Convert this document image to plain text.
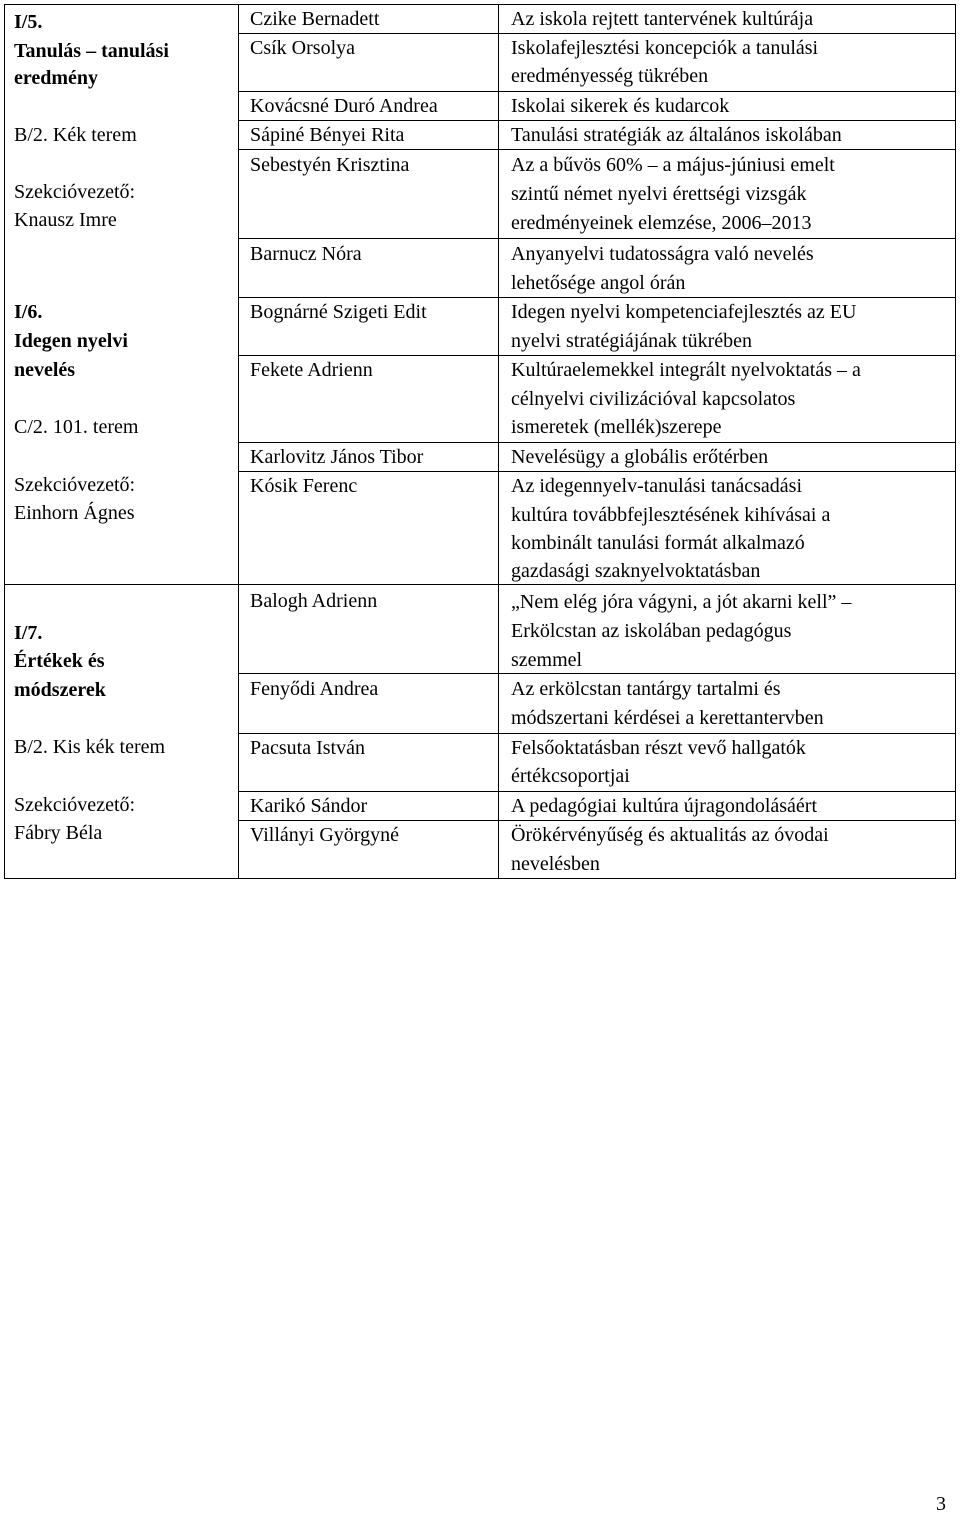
I/5.
Tanulás – tanulási
eredmény
B/2. Kék terem
Szekcióvezető:
Knausz Imre
I/6.
Idegen nyelvi
nevelés
C/2. 101. terem
Szekcióvezető:
Einhorn Ágnes
I/7.
Értékek és
módszerek
B/2. Kis kék terem
Szekcióvezető:
Fábry Béla
Czike Bernadett
Csík Orsolya
Kovácsné Duró Andrea
Sápiné Bényei Rita
Sebestyén Krisztina
Barnucz Nóra
Bognárné Szigeti Edit
Fekete Adrienn
Karlovitz János Tibor
Kósik Ferenc
Balogh Adrienn
Fenyődi Andrea
Pacsuta István
Karikó Sándor
Villányi Györgyné
Az iskola rejtett tantervének kultúrája
Iskolafejlesztési koncepciók a tanulási
eredményesség tükrében
Iskolai sikerek és kudarcok
Tanulási stratégiák az általános iskolában
Az a bűvös 60% – a május-júniusi emelt
szintű német nyelvi érettségi vizsgák
eredményeinek elemzése, 2006–2013
Anyanyelvi tudatosságra való nevelés
lehetősége angol órán
Idegen nyelvi kompetenciafejlesztés az EU
nyelvi stratégiájának tükrében
Kultúraelemekkel integrált nyelvoktatás – a
célnyelvi civilizációval kapcsolatos
ismeretek (mellék)szerepe
Nevelésügy a globális erőtérben
Az idegennyelv-tanulási tanácsadási
kultúra továbbfejlesztésének kihívásai a
kombinált tanulási formát alkalmazó
gazdasági szaknyelvoktatásban
„Nem elég jóra vágyni, a jót akarni kell” –
Erkölcstan az iskolában pedagógus
szemmel
Az erkölcstan tantárgy tartalmi és
módszertani kérdései a kerettantervben
Felsőoktatásban részt vevő hallgatók
értékcsoportjai
A pedagógiai kultúra újragondolásáért
Örökérvényűség és aktualitás az óvodai
nevelésben
3
